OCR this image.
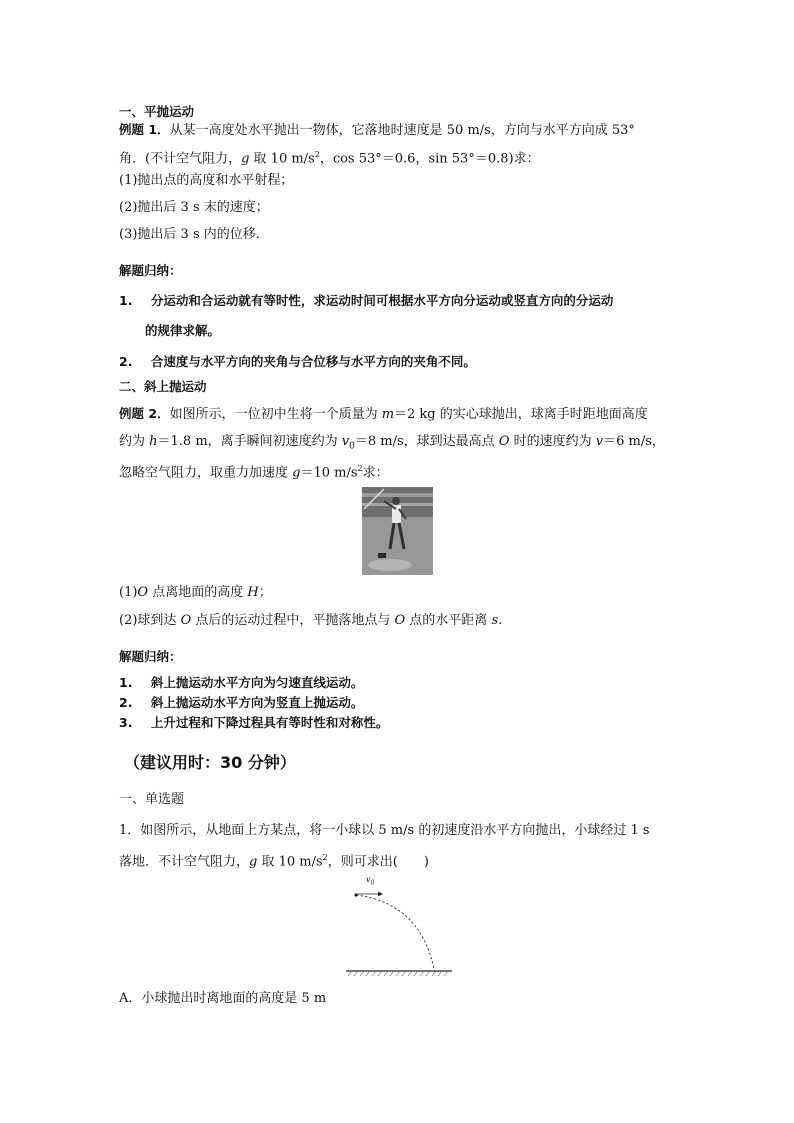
一、平抛运动
例题 1．从某一高度处水平抛出一物体，它落地时速度是 50 m/s，方向与水平方向成 53°
角．(不计空气阻力，g 取 10 $m/s^2$，cos 53°＝0.6，sin 53°＝0.8)求：
(1)抛出点的高度和水平射程；
(2)抛出后 3 s 末的速度；
(3)抛出后 3 s 内的位移．
解题归纳：
1. 分运动和合运动就有等时性，求运动时间可根据水平方向分运动或竖直方向的分运动
的规律求解。
2. 合速度与水平方向的夹角与合位移与水平方向的夹角不同。
二、斜上抛运动
例题 2．如图所示，一位初中生将一个质量为 m＝2 kg 的实心球抛出，球离手时距地面高度
约为 h＝1.8 m，离手瞬间初速度约为 $v_0=8$ m/s，球到达最高点 O 时的速度约为 v＝6 m/s，
忽略空气阻力，取重力加速度 g＝10 $m/s^2$求：
(1)O 点离地面的高度 H；
(2)球到达 O 点后的运动过程中，平抛落地点与 O 点的水平距离 s.
解题归纳：
1. 斜上抛运动水平方向为匀速直线运动。
2. 斜上抛运动水平方向为竖直上抛运动。
3. 上升过程和下降过程具有等时性和对称性。
（建议用时：30 分钟）
一、单选题
1．如图所示，从地面上方某点，将一小球以 5 m/s 的初速度沿水平方向抛出，小球经过 1 s
落地．不计空气阻力，g 取 10 $m/s^2$，则可求出(　　)
$v_0$
A．小球抛出时离地面的高度是 5 m
